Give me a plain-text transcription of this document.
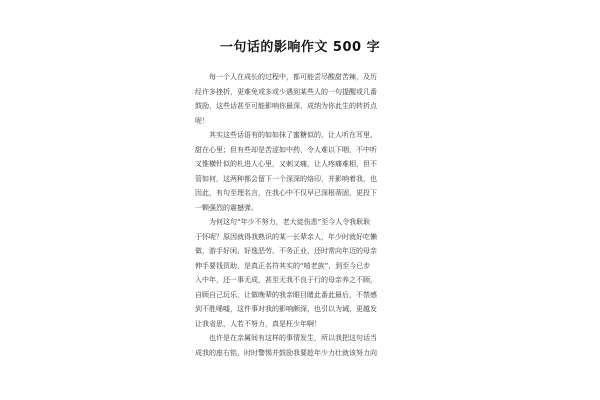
一句话的影响作文 500 字
　　每一个人在成长的过程中，都可能尝尽酸甜苦辣，及历
经许多挫折，更难免或多或少遇到某些人的一句提醒或几番
鼓励，这些话甚至可能影响你最深，成纳为你此生的转折点
呢！
　　其实这些话语有的如如抹了蜜糖似的，让人听在耳里、
甜在心里；但有些却是苦涩如中药，令人难以下咽，不中听
又惟横针似的札进人心里，又刺又痛，让人疼痛难相，但不
管如何，这两种都会留下一个深深的烙印，并影响着我，也
因此，有句至理名言，在我心中不仅早已深根蒂固，更投下
一颗强烈的震撼弹。
　　为何这句“年少不努力，老大徒伤悲”至今人令我耿耿
于怀呢？原因就得我熟识的某一长辈亲人，年少时就好吃懒
做、游手好闲、好逸恶劳、不务正业，还时常向年迈的母亲
伸手要钱资助，是真正名符其实的“啃老族”，到至今已步
入中年，还一事无成，甚至无我不良于行的母亲养之不顾，
自顾自己玩乐，让做晚辈的我亲眼目睹此番此最后，不禁感
到不胜唏嘘，这件事对我的影响颇深，也引以为诫，更越发
让我省思，人若不努力，真是枉少年啊！
　　也许是在亲属间有这样的事情发生，所以我把这句话当
成我的座右铭，时时警惕并鼓励我要趁年少力壮就该努力向
